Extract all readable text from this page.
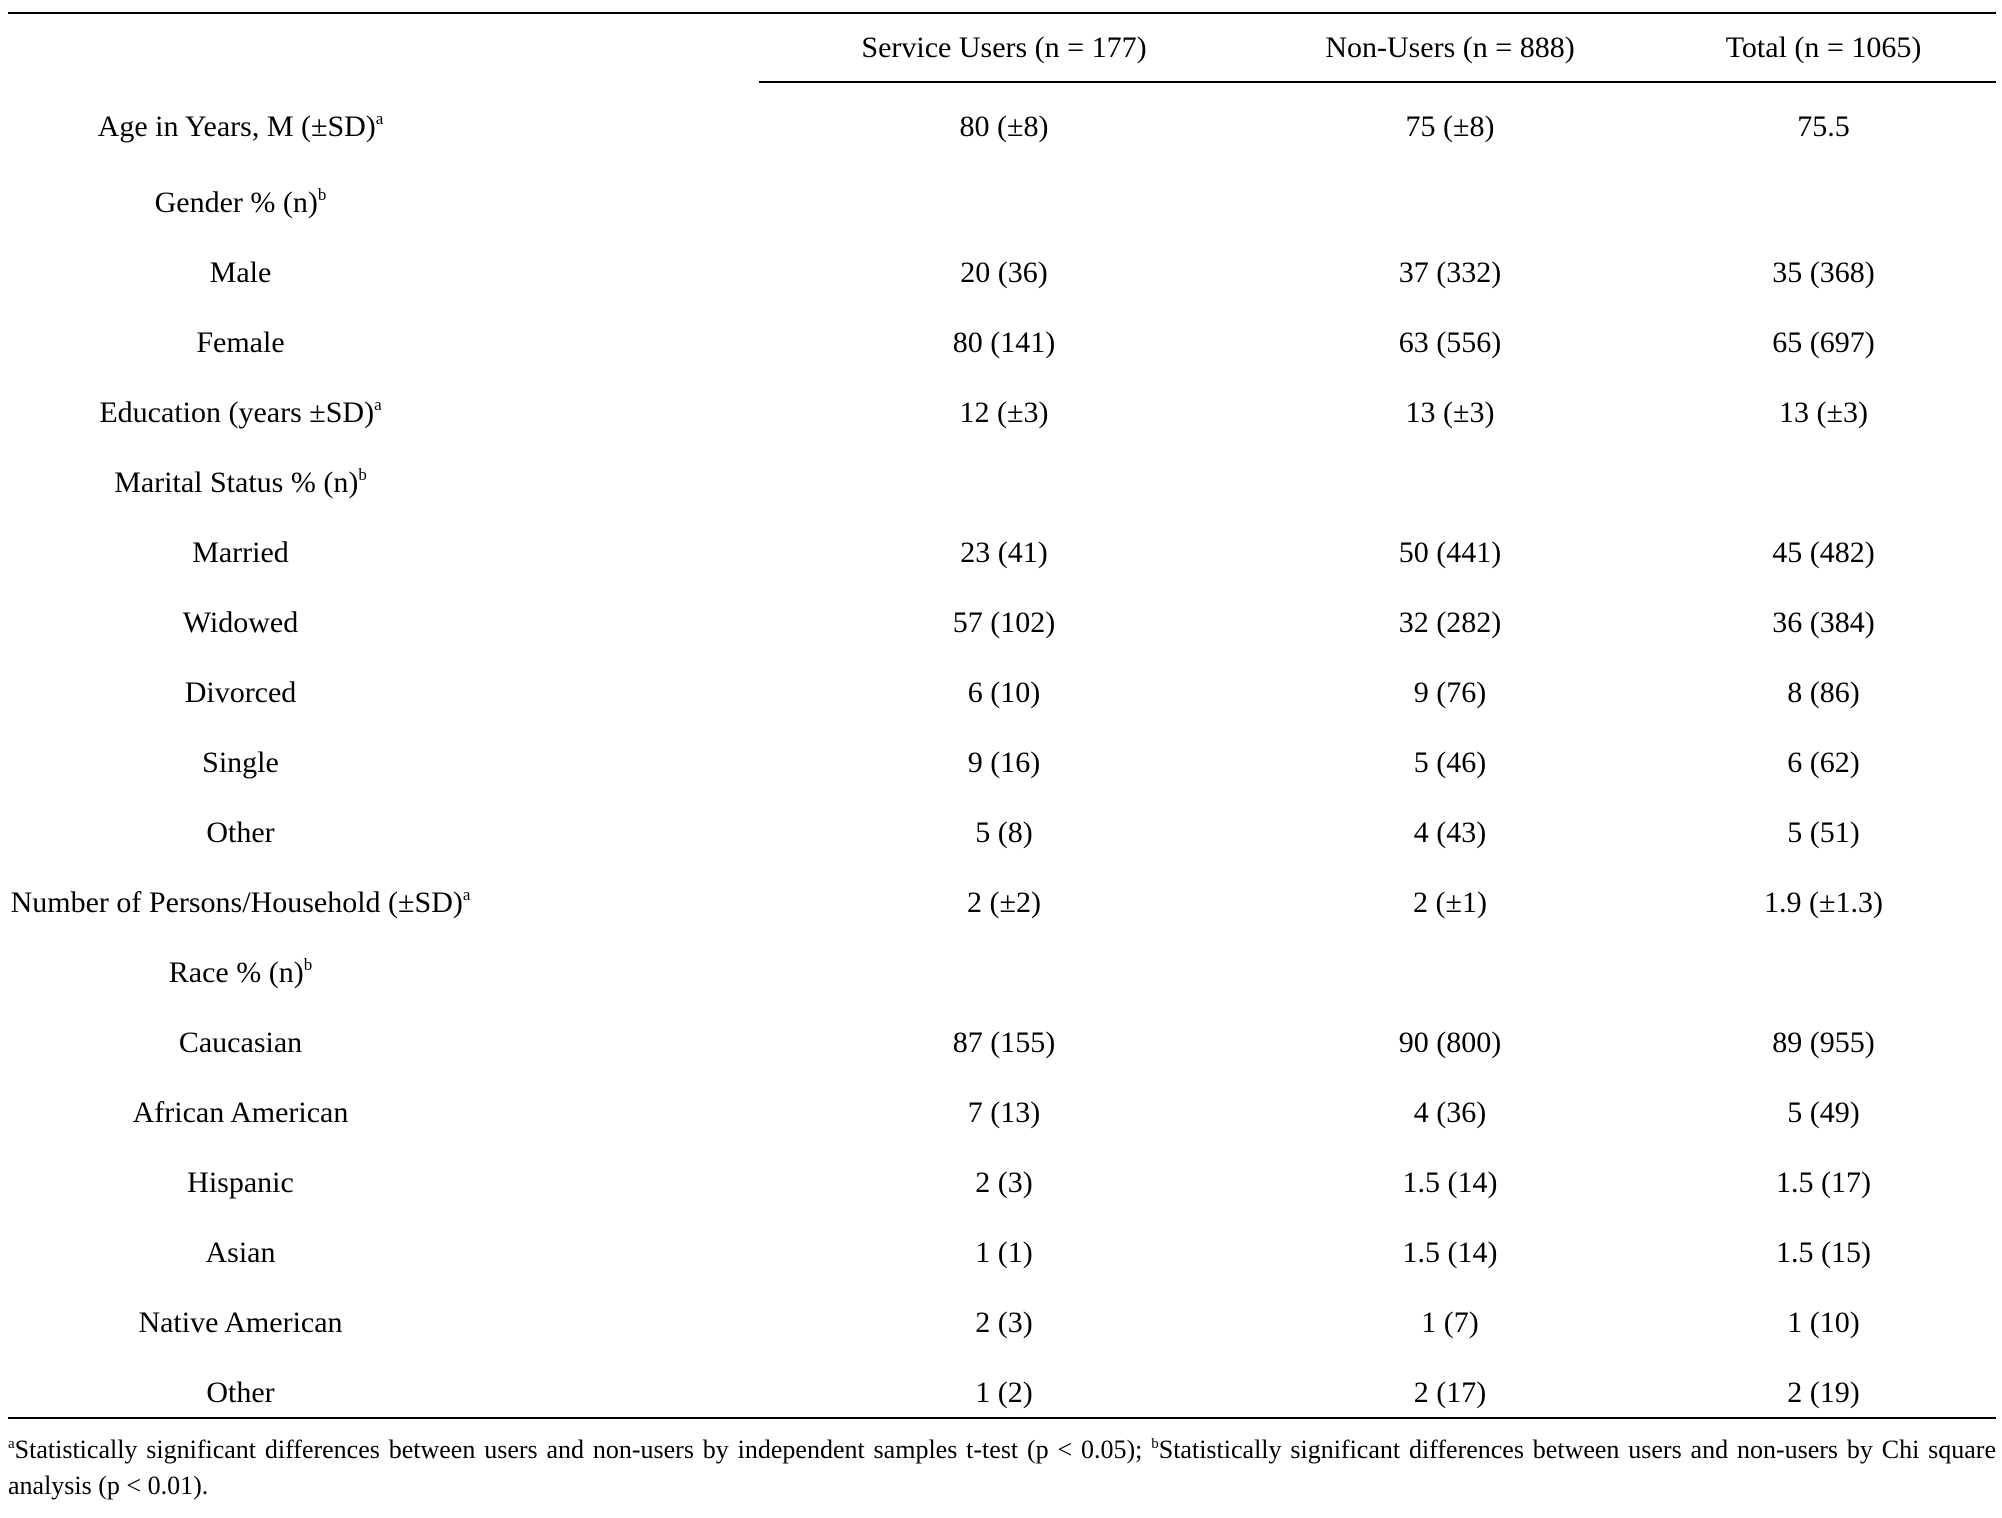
	Service Users (n = 177)	Non-Users (n = 888)	Total (n = 1065)
Age in Years, M $(\pm SD)^a$	80 (±8)	75 (±8)	75.5
Gender % $(n)^b$			
Male	20 (36)	37 (332)	35 (368)
Female	80 (141)	63 (556)	65 (697)
Education (years ±SD)$^a$	12 (±3)	13 (±3)	13 (±3)
Marital Status % $(n)^b$			
Married	23 (41)	50 (441)	45 (482)
Widowed	57 (102)	32 (282)	36 (384)
Divorced	6 (10)	9 (76)	8 (86)
Single	9 (16)	5 (46)	6 (62)
Other	5 (8)	4 (43)	5 (51)
Number of Persons/Household $(\pm SD)^a$	2 (±2)	2 (±1)	1.9 (±1.3)
Race % $(n)^b$			
Caucasian	87 (155)	90 (800)	89 (955)
African American	7 (13)	4 (36)	5 (49)
Hispanic	2 (3)	1.5 (14)	1.5 (17)
Asian	1 (1)	1.5 (14)	1.5 (15)
Native American	2 (3)	1 (7)	1 (10)
Other	1 (2)	2 (17)	2 (19)
$^a$Statistically significant differences between users and non-users by independent samples t-test (p < 0.05); $^b$Statistically significant differences between users and non-users by Chi square analysis (p < 0.01).
